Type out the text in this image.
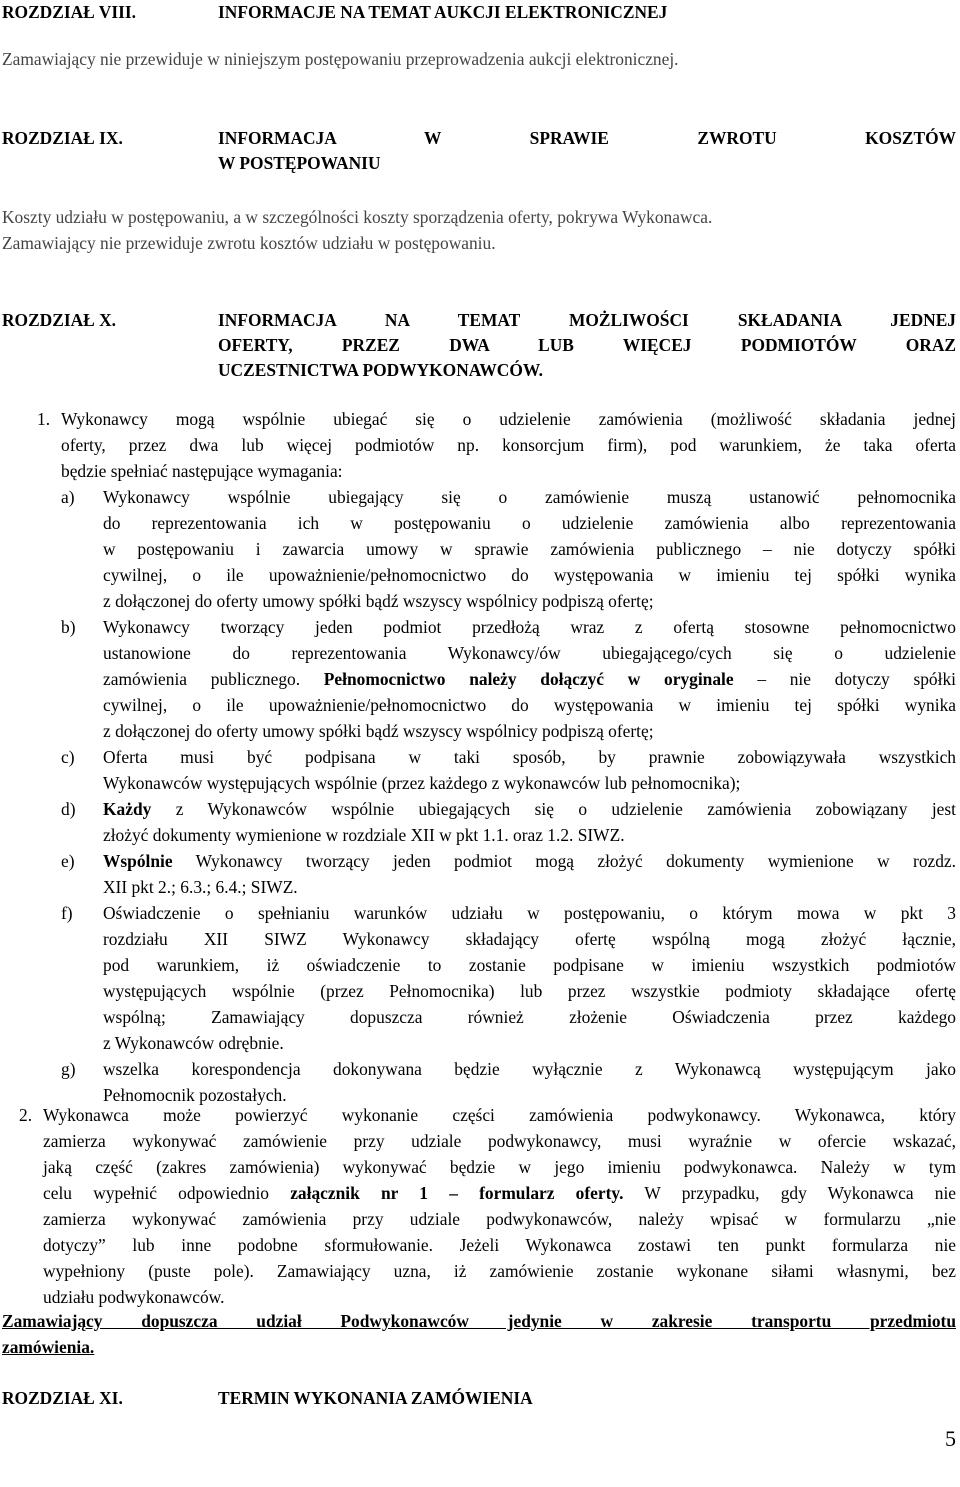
ROZDZIAŁ VIII.	INFORMACJE NA TEMAT AUKCJI ELEKTRONICZNEJ
Zamawiający nie przewiduje w niniejszym postępowaniu przeprowadzenia aukcji elektronicznej.
ROZDZIAŁ IX.	INFORMACJA W SPRAWIE ZWROTU KOSZTÓW
W POSTĘPOWANIU
Koszty udziału w postępowaniu, a w szczególności koszty sporządzenia oferty, pokrywa Wykonawca.
Zamawiający nie przewiduje zwrotu kosztów udziału w postępowaniu.
ROZDZIAŁ X.	INFORMACJA NA TEMAT MOŻLIWOŚCI SKŁADANIA JEDNEJ
OFERTY, PRZEZ DWA LUB WIĘCEJ PODMIOTÓW ORAZ
UCZESTNICTWA PODWYKONAWCÓW.
1. Wykonawcy mogą wspólnie ubiegać się o udzielenie zamówienia (możliwość składania jednej
oferty, przez dwa lub więcej podmiotów np. konsorcjum firm), pod warunkiem, że taka oferta
będzie spełniać następujące wymagania:
a) Wykonawcy wspólnie ubiegający się o zamówienie muszą ustanowić pełnomocnika
do reprezentowania ich w postępowaniu o udzielenie zamówienia albo reprezentowania
w postępowaniu i zawarcia umowy w sprawie zamówienia publicznego – nie dotyczy spółki
cywilnej, o ile upoważnienie/pełnomocnictwo do występowania w imieniu tej spółki wynika
z dołączonej do oferty umowy spółki bądź wszyscy wspólnicy podpiszą ofertę;
b) Wykonawcy tworzący jeden podmiot przedłożą wraz z ofertą stosowne pełnomocnictwo
ustanowione do reprezentowania Wykonawcy/ów ubiegającego/cych się o udzielenie
zamówienia publicznego. Pełnomocnictwo należy dołączyć w oryginale – nie dotyczy spółki
cywilnej, o ile upoważnienie/pełnomocnictwo do występowania w imieniu tej spółki wynika
z dołączonej do oferty umowy spółki bądź wszyscy wspólnicy podpiszą ofertę;
c) Oferta musi być podpisana w taki sposób, by prawnie zobowiązywała wszystkich
Wykonawców występujących wspólnie (przez każdego z wykonawców lub pełnomocnika);
d) Każdy z Wykonawców wspólnie ubiegających się o udzielenie zamówienia zobowiązany jest
złożyć dokumenty wymienione w rozdziale XII w pkt 1.1. oraz 1.2. SIWZ.
e) Wspólnie Wykonawcy tworzący jeden podmiot mogą złożyć dokumenty wymienione w rozdz.
XII pkt 2.; 6.3.; 6.4.; SIWZ.
f) Oświadczenie o spełnianiu warunków udziału w postępowaniu, o którym mowa w pkt 3
rozdziału XII SIWZ Wykonawcy składający ofertę wspólną mogą złożyć łącznie,
pod warunkiem, iż oświadczenie to zostanie podpisane w imieniu wszystkich podmiotów
występujących wspólnie (przez Pełnomocnika) lub przez wszystkie podmioty składające ofertę
wspólną; Zamawiający dopuszcza również złożenie Oświadczenia przez każdego
z Wykonawców odrębnie.
g) wszelka korespondencja dokonywana będzie wyłącznie z Wykonawcą występującym jako
Pełnomocnik pozostałych.
2. Wykonawca może powierzyć wykonanie części zamówienia podwykonawcy. Wykonawca, który
zamierza wykonywać zamówienie przy udziale podwykonawcy, musi wyraźnie w ofercie wskazać,
jaką część (zakres zamówienia) wykonywać będzie w jego imieniu podwykonawca. Należy w tym
celu wypełnić odpowiednio załącznik nr 1 – formularz oferty. W przypadku, gdy Wykonawca nie
zamierza wykonywać zamówienia przy udziale podwykonawców, należy wpisać w formularzu „nie
dotyczy” lub inne podobne sformułowanie. Jeżeli Wykonawca zostawi ten punkt formularza nie
wypełniony (puste pole). Zamawiający uzna, iż zamówienie zostanie wykonane siłami własnymi, bez
udziału podwykonawców.
Zamawiający dopuszcza udział Podwykonawców jedynie w zakresie transportu przedmiotu
zamówienia.
ROZDZIAŁ XI.	TERMIN WYKONANIA ZAMÓWIENIA
5
